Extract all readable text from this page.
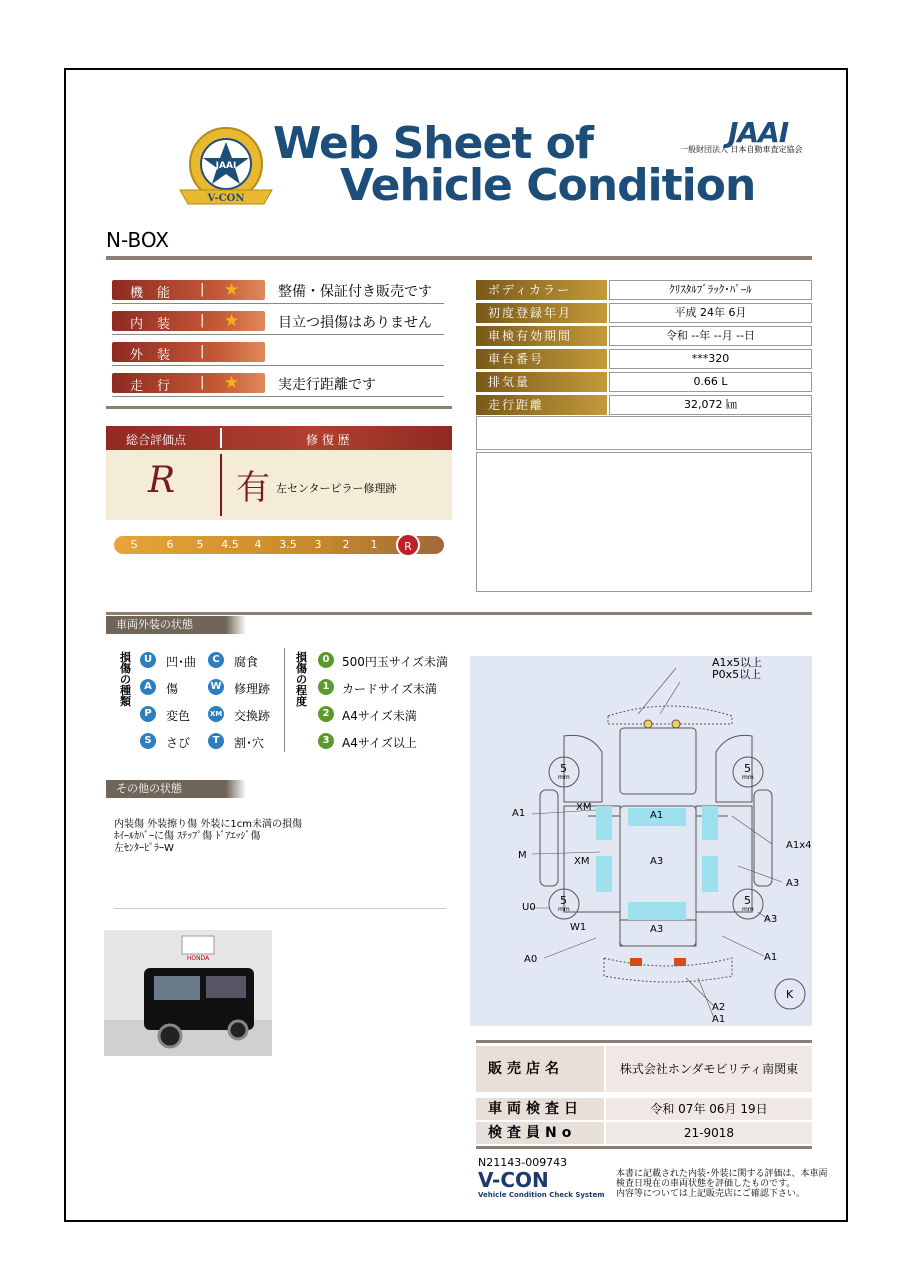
V-CON
JAAI Web Sheet of
Vehicle Condition
JAAI
一般財団法人 日本自動車査定協会
N-BOX
機能 | ★	整備・保証付き販売です
内装 | ★	目立つ損傷はありません
外装 |
走行 | ★	実走行距離です
ボディカラー	ｸﾘｽﾀﾙﾌﾞﾗｯｸ･ﾊﾟｰﾙ
初度登録年月	平成 24年 6月
車検有効期間	令和 --年 --月 --日
車台番号	***320
排気量	0.66 L
走行距離	32,072 ㎞
総合評価点	修 復 歴
R 有 左センターピラー修理跡
S	6	5	4.5	4	3.5	3	2	1	R
車両外装の状態
損傷の種類
損傷の程度
U	凹･曲	C	腐食
A	傷	W 修理跡
P	変色	XM 交換跡
S	さび	T	割･穴
0	500円玉サイズ未満
1	カードサイズ未満
2	A4サイズ未満
3	A4サイズ以上
その他の状態
内装傷 外装擦り傷 外装に1cm未満の損傷
ﾎｲｰﾙｶﾊﾞｰに傷 ｽﾃｯﾌﾟ傷 ﾄﾞｱｴｯｼﾞ傷
左ｾﾝﾀｰﾋﾟﾗｰW
HONDA
A1x5以上
P0x5以上
A1
XM
M
XM
U0
W1
A0
A1
A3
A3
A1x4
A3
A3
A1
A2
A1
5
mm
5
mm
5
mm
5
mm
K
販売店名	株式会社ホンダモビリティ南関東
車両検査日	令和 07年 06月 19日
検査員No	21-9018
N21143-009743
V-CON
Vehicle Condition Check System
本書に記載された内装･外装に関する評価は、本車両
検査日現在の車両状態を評価したものです。
内容等については上記販売店にご確認下さい。
